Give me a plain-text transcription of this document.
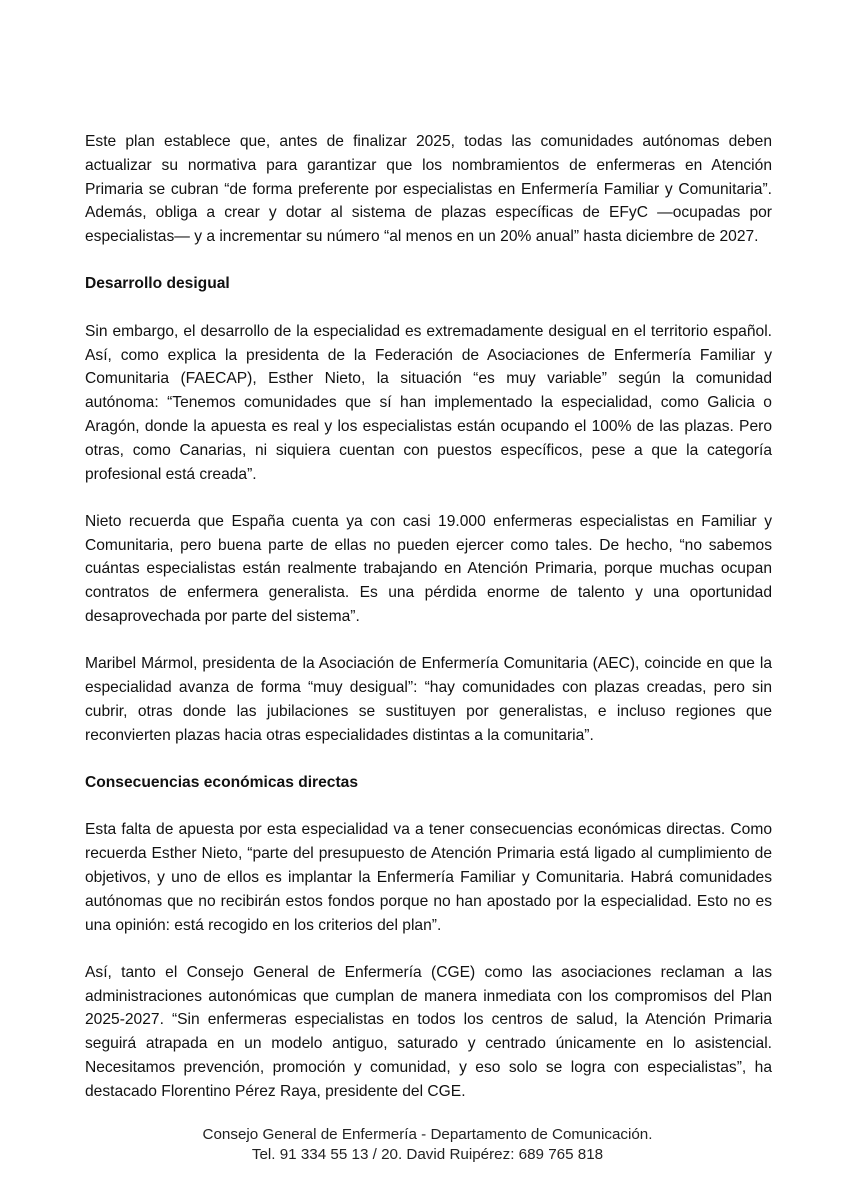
Este plan establece que, antes de finalizar 2025, todas las comunidades autónomas deben actualizar su normativa para garantizar que los nombramientos de enfermeras en Atención Primaria se cubran “de forma preferente por especialistas en Enfermería Familiar y Comunitaria”. Además, obliga a crear y dotar al sistema de plazas específicas de EFyC —ocupadas por especialistas— y a incrementar su número “al menos en un 20% anual” hasta diciembre de 2027.

Desarrollo desigual

Sin embargo, el desarrollo de la especialidad es extremadamente desigual en el territorio español. Así, como explica la presidenta de la Federación de Asociaciones de Enfermería Familiar y Comunitaria (FAECAP), Esther Nieto, la situación “es muy variable” según la comunidad autónoma: “Tenemos comunidades que sí han implementado la especialidad, como Galicia o Aragón, donde la apuesta es real y los especialistas están ocupando el 100% de las plazas. Pero otras, como Canarias, ni siquiera cuentan con puestos específicos, pese a que la categoría profesional está creada”.

Nieto recuerda que España cuenta ya con casi 19.000 enfermeras especialistas en Familiar y Comunitaria, pero buena parte de ellas no pueden ejercer como tales. De hecho, “no sabemos cuántas especialistas están realmente trabajando en Atención Primaria, porque muchas ocupan contratos de enfermera generalista. Es una pérdida enorme de talento y una oportunidad desaprovechada por parte del sistema”.

Maribel Mármol, presidenta de la Asociación de Enfermería Comunitaria (AEC), coincide en que la especialidad avanza de forma “muy desigual”: “hay comunidades con plazas creadas, pero sin cubrir, otras donde las jubilaciones se sustituyen por generalistas, e incluso regiones que reconvierten plazas hacia otras especialidades distintas a la comunitaria”.

Consecuencias económicas directas

Esta falta de apuesta por esta especialidad va a tener consecuencias económicas directas. Como recuerda Esther Nieto, “parte del presupuesto de Atención Primaria está ligado al cumplimiento de objetivos, y uno de ellos es implantar la Enfermería Familiar y Comunitaria. Habrá comunidades autónomas que no recibirán estos fondos porque no han apostado por la especialidad. Esto no es una opinión: está recogido en los criterios del plan”.

Así, tanto el Consejo General de Enfermería (CGE) como las asociaciones reclaman a las administraciones autonómicas que cumplan de manera inmediata con los compromisos del Plan 2025-2027. “Sin enfermeras especialistas en todos los centros de salud, la Atención Primaria seguirá atrapada en un modelo antiguo, saturado y centrado únicamente en lo asistencial. Necesitamos prevención, promoción y comunidad, y eso solo se logra con especialistas”, ha destacado Florentino Pérez Raya, presidente del CGE.

Consejo General de Enfermería - Departamento de Comunicación.
Tel. 91 334 55 13 / 20. David Ruipérez: 689 765 818
